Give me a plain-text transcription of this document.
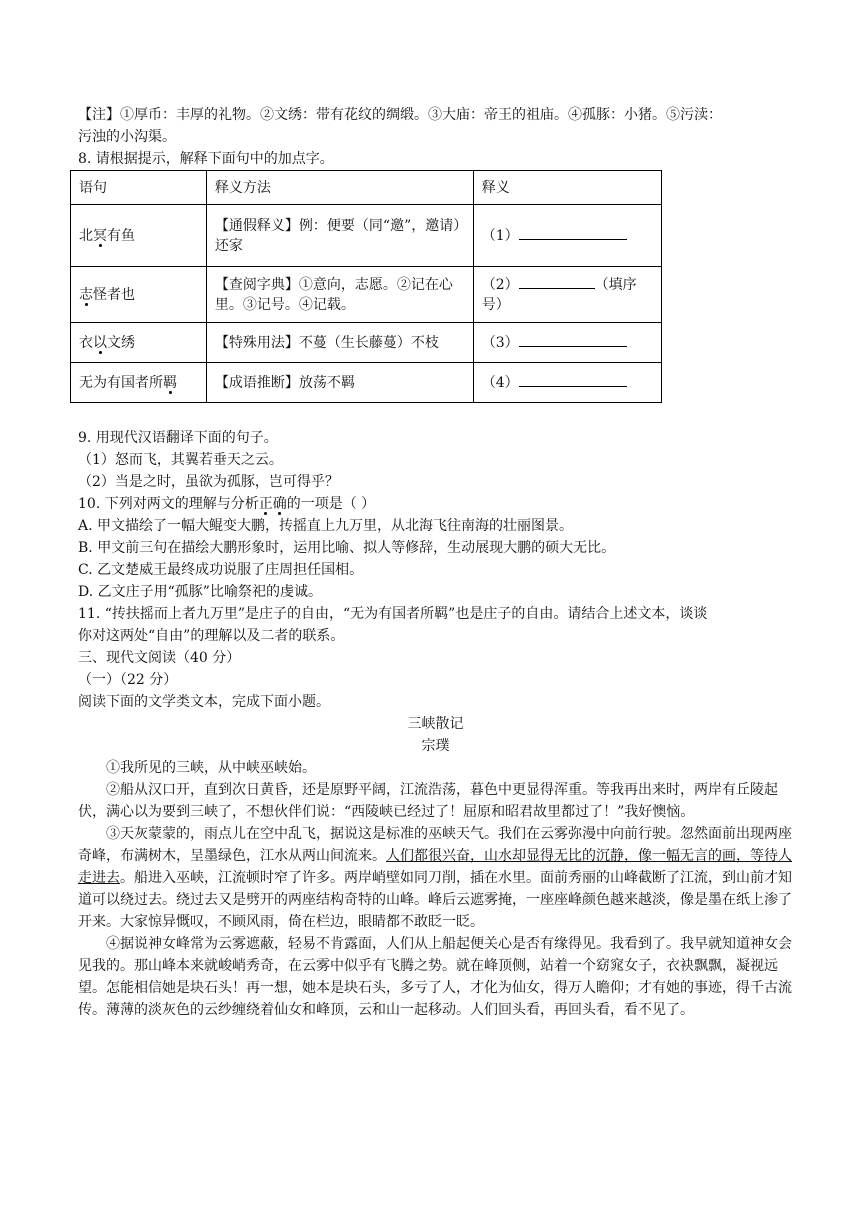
【注】①厚币：丰厚的礼物。②文绣：带有花纹的绸缎。③大庙：帝王的祖庙。④孤豚：小猪。⑤污渎：

污浊的小沟渠。

8. 请根据提示，解释下面句中的加点字。

语句	释义方法	释义
北冥有鱼	【通假释义】例：便要（同“邀”，邀请）还家	（1）
志怪者也	【查阅字典】①意向，志愿。②记在心里。③记号。④记载。	（2） （填序号）
衣以文绣	【特殊用法】不蔓（生长藤蔓）不枝	（3）
无为有国者所羁	【成语推断】放荡不羁	（4）

9. 用现代汉语翻译下面的句子。

（1）怒而飞，其翼若垂天之云。

（2）当是之时，虽欲为孤豚，岂可得乎？

10. 下列对两文的理解与分析正确的一项是（ ）

A. 甲文描绘了一幅大鲲变大鹏，抟摇直上九万里，从北海飞往南海的壮丽图景。

B. 甲文前三句在描绘大鹏形象时，运用比喻、拟人等修辞，生动展现大鹏的硕大无比。

C. 乙文楚威王最终成功说服了庄周担任国相。

D. 乙文庄子用“孤豚”比喻祭祀的虔诚。

11. “抟扶摇而上者九万里”是庄子的自由，“无为有国者所羁”也是庄子的自由。请结合上述文本，谈谈

你对这两处“自由”的理解以及二者的联系。

三、现代文阅读（40 分）

（一）（22 分）

阅读下面的文学类文本，完成下面小题。

三峡散记

宗璞

①我所见的三峡，从中峡巫峡始。

②船从汉口开，直到次日黄昏，还是原野平阔，江流浩荡，暮色中更显得浑重。等我再出来时，两岸有丘陵起伏，满心以为要到三峡了，不想伙伴们说：“西陵峡已经过了！屈原和昭君故里都过了！”我好懊恼。

③天灰蒙蒙的，雨点儿在空中乱飞，据说这是标准的巫峡天气。我们在云雾弥漫中向前行驶。忽然面前出现两座奇峰，布满树木，呈墨绿色，江水从两山间流来。人们都很兴奋，山水却显得无比的沉静，像一幅无言的画，等待人走进去。船进入巫峡，江流顿时窄了许多。两岸峭壁如同刀削，插在水里。面前秀丽的山峰截断了江流，到山前才知道可以绕过去。绕过去又是劈开的两座结构奇特的山峰。峰后云遮雾掩，一座座峰颜色越来越淡，像是墨在纸上渗了开来。大家惊异慨叹，不顾风雨，倚在栏边，眼睛都不敢眨一眨。

④据说神女峰常为云雾遮蔽，轻易不肯露面，人们从上船起便关心是否有缘得见。我看到了。我早就知道神女会见我的。那山峰本来就峻峭秀奇，在云雾中似乎有飞腾之势。就在峰顶侧，站着一个窈窕女子，衣袂飘飘，凝视远望。怎能相信她是块石头！再一想，她本是块石头，多亏了人，才化为仙女，得万人瞻仰；才有她的事迹，得千古流传。薄薄的淡灰色的云纱缠绕着仙女和峰顶，云和山一起移动。人们回头看，再回头看，看不见了。
